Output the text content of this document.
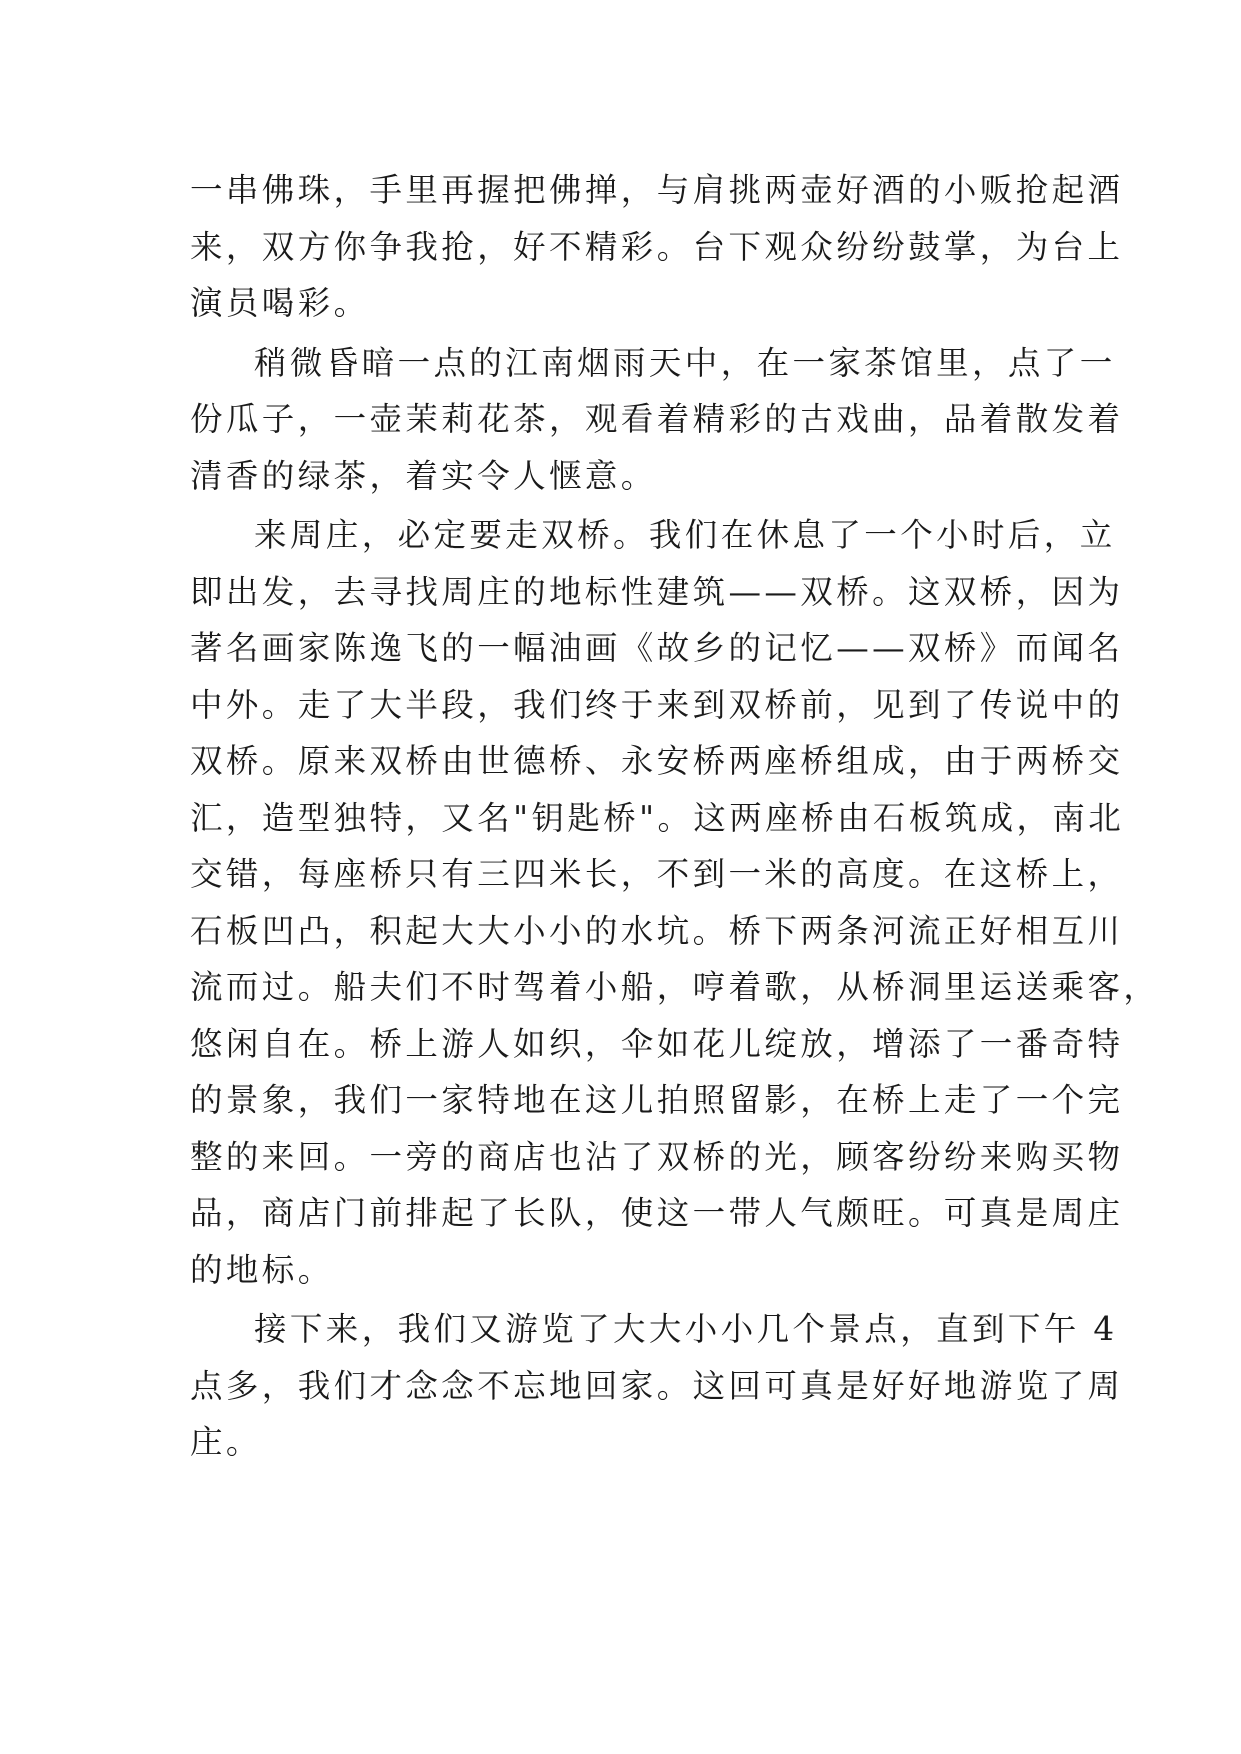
一串佛珠，手里再握把佛掸，与肩挑两壶好酒的小贩抢起酒
来，双方你争我抢，好不精彩。台下观众纷纷鼓掌，为台上
演员喝彩。
稍微昏暗一点的江南烟雨天中，在一家茶馆里，点了一
份瓜子，一壶茉莉花茶，观看着精彩的古戏曲，品着散发着
清香的绿茶，着实令人惬意。
来周庄，必定要走双桥。我们在休息了一个小时后，立
即出发，去寻找周庄的地标性建筑——双桥。这双桥，因为
著名画家陈逸飞的一幅油画《故乡的记忆——双桥》而闻名
中外。走了大半段，我们终于来到双桥前，见到了传说中的
双桥。原来双桥由世德桥、永安桥两座桥组成，由于两桥交
汇，造型独特，又名"钥匙桥"。这两座桥由石板筑成，南北
交错，每座桥只有三四米长，不到一米的高度。在这桥上，
石板凹凸，积起大大小小的水坑。桥下两条河流正好相互川
流而过。船夫们不时驾着小船，哼着歌，从桥洞里运送乘客，
悠闲自在。桥上游人如织，伞如花儿绽放，增添了一番奇特
的景象，我们一家特地在这儿拍照留影，在桥上走了一个完
整的来回。一旁的商店也沾了双桥的光，顾客纷纷来购买物
品，商店门前排起了长队，使这一带人气颇旺。可真是周庄
的地标。
接下来，我们又游览了大大小小几个景点，直到下午 4
点多，我们才念念不忘地回家。这回可真是好好地游览了周
庄。
